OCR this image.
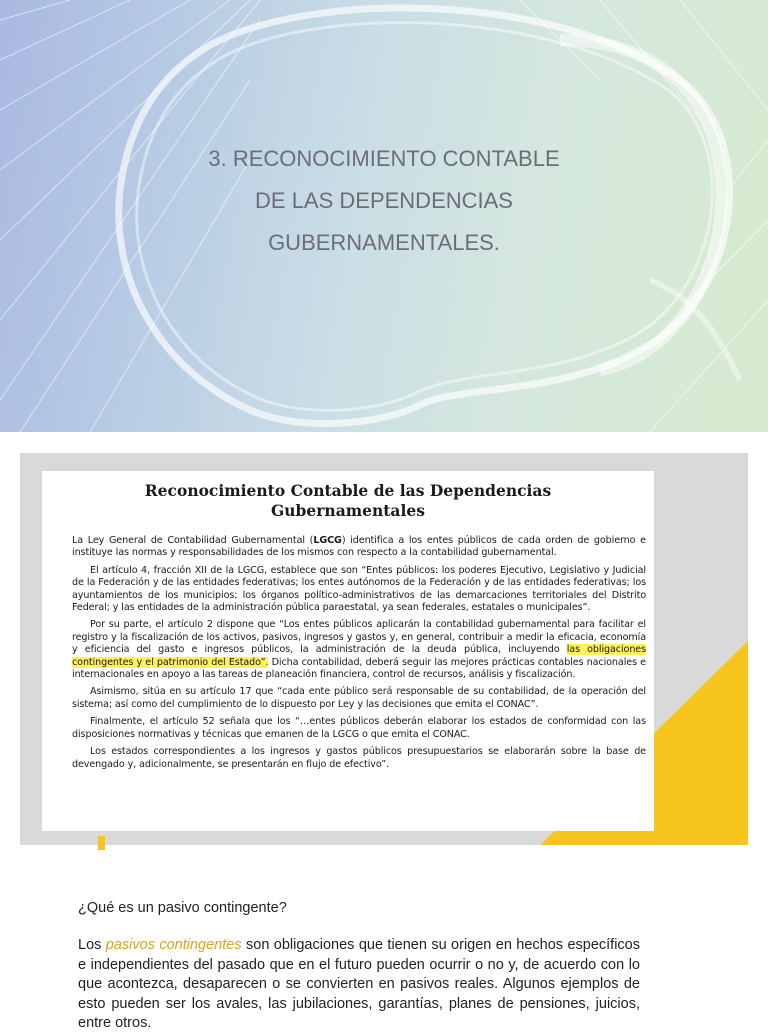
3. RECONOCIMIENTO CONTABLE
DE LAS DEPENDENCIAS
GUBERNAMENTALES.
Reconocimiento Contable de las Dependencias
Gubernamentales

La Ley General de Contabilidad Gubernamental (LGCG) identifica a los entes públicos de cada orden de gobierno e instituye las normas y responsabilidades de los mismos con respecto a la contabilidad gubernamental.

El artículo 4, fracción XII de la LGCG, establece que son “Entes públicos: los poderes Ejecutivo, Legislativo y Judicial de la Federación y de las entidades federativas; los entes autónomos de la Federación y de las entidades federativas; los ayuntamientos de los municipios; los órganos político-administrativos de las demarcaciones territoriales del Distrito Federal; y las entidades de la administración pública paraestatal, ya sean federales, estatales o municipales”.

Por su parte, el artículo 2 dispone que “Los entes públicos aplicarán la contabilidad gubernamental para facilitar el registro y la fiscalización de los activos, pasivos, ingresos y gastos y, en general, contribuir a medir la eficacia, economía y eficiencia del gasto e ingresos públicos, la administración de la deuda pública, incluyendo las obligaciones contingentes y el patrimonio del Estado”. Dicha contabilidad, deberá seguir las mejores prácticas contables nacionales e internacionales en apoyo a las tareas de planeación financiera, control de recursos, análisis y fiscalización.

Asimismo, sitúa en su artículo 17 que “cada ente público será responsable de su contabilidad, de la operación del sistema; así como del cumplimiento de lo dispuesto por Ley y las decisiones que emita el CONAC”.

Finalmente, el artículo 52 señala que los “…entes públicos deberán elaborar los estados de conformidad con las disposiciones normativas y técnicas que emanen de la LGCG o que emita el CONAC.

Los estados correspondientes a los ingresos y gastos públicos presupuestarios se elaborarán sobre la base de devengado y, adicionalmente, se presentarán en flujo de efectivo”.

¿Qué es un pasivo contingente?

Los pasivos contingentes son obligaciones que tienen su origen en hechos específicos e independientes del pasado que en el futuro pueden ocurrir o no y, de acuerdo con lo que acontezca, desaparecen o se convierten en pasivos reales. Algunos ejemplos de esto pueden ser los avales, las jubilaciones, garantías, planes de pensiones, juicios, entre otros.
